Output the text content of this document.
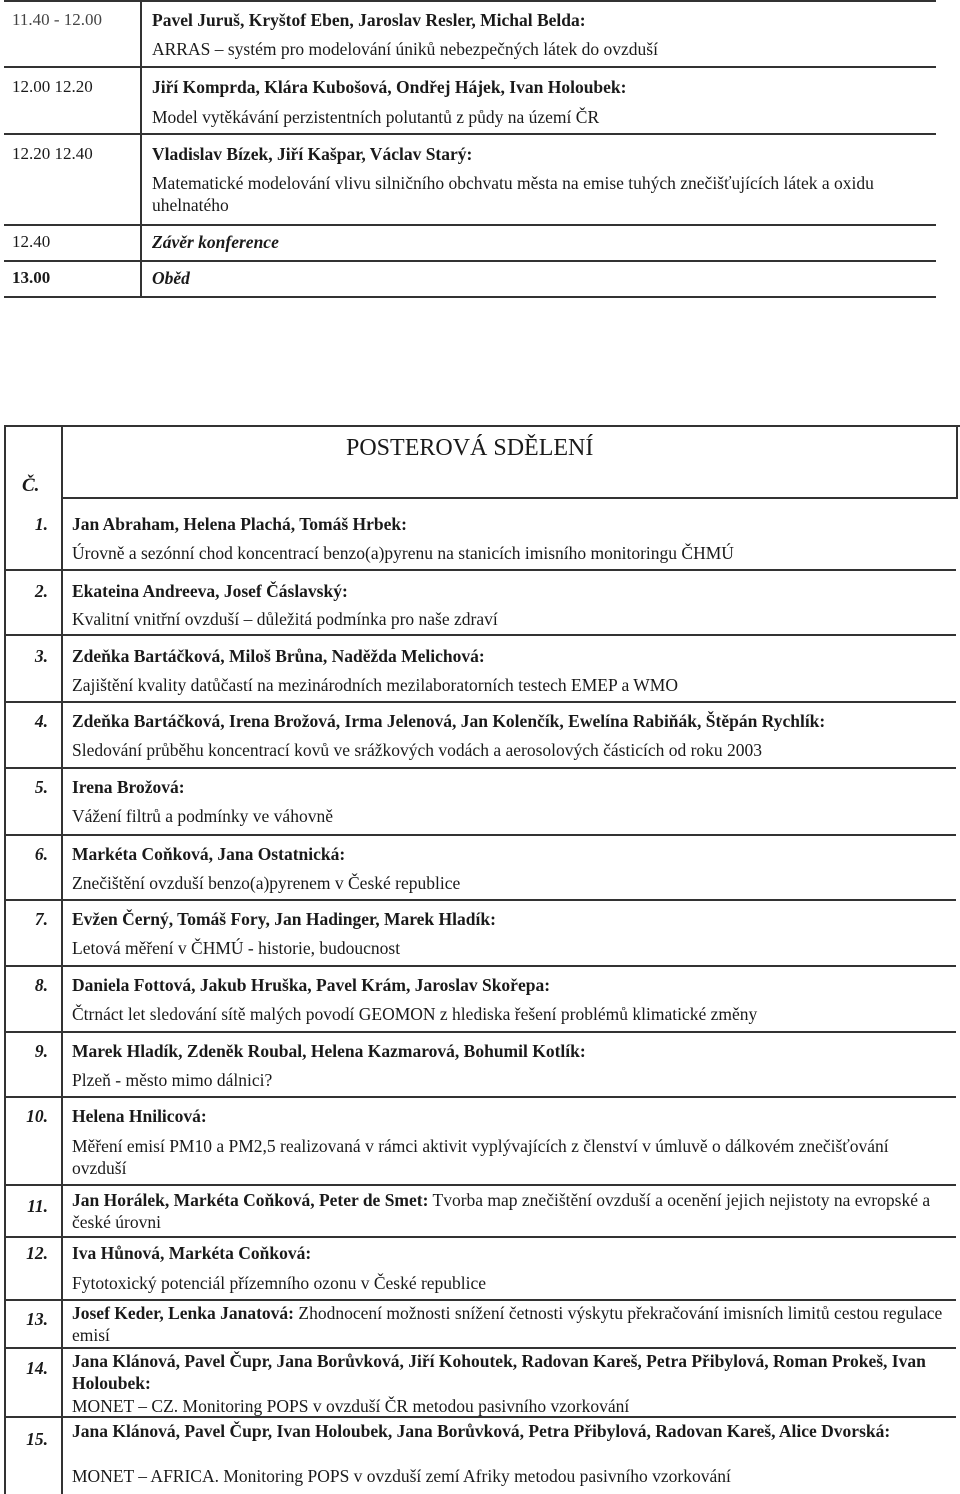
11.40 - 12.00	Pavel Juruš, Kryštof Eben, Jaroslav Resler, Michal Belda:
ARRAS – systém pro modelování úniků nebezpečných látek do ovzduší
12.00 12.20	Jiří Komprda, Klára Kubošová, Ondřej Hájek, Ivan Holoubek:
Model vytěkávání perzistentních polutantů z půdy na území ČR
12.20 12.40	Vladislav Bízek, Jiří Kašpar, Václav Starý:
Matematické modelování vlivu silničního obchvatu města na emise tuhých znečišťujících látek a oxidu uhelnatého
12.40	Závěr konference
13.00	Oběd
POSTEROVÁ SDĚLENÍ
Č.
1. Jan Abraham, Helena Plachá, Tomáš Hrbek:
Úrovně a sezónní chod koncentrací benzo(a)pyrenu na stanicích imisního monitoringu ČHMÚ
2. Ekateina Andreeva, Josef Čáslavský:
Kvalitní vnitřní ovzduší – důležitá podmínka pro naše zdraví
3. Zdeňka Bartáčková, Miloš Brůna, Naděžda Melichová:
Zajištění kvality datůčastí na mezinárodních mezilaboratorních testech EMEP a WMO
4. Zdeňka Bartáčková, Irena Brožová, Irma Jelenová, Jan Kolenčík, Ewelína Rabiňák, Štěpán Rychlík:
Sledování průběhu koncentrací kovů ve srážkových vodách a aerosolových částicích od roku 2003
5. Irena Brožová:
Vážení filtrů a podmínky ve váhovně
6. Markéta Coňková, Jana Ostatnická:
Znečištění ovzduší benzo(a)pyrenem v České republice
7. Evžen Černý, Tomáš Fory, Jan Hadinger, Marek Hladík:
Letová měření v ČHMÚ - historie, budoucnost
8. Daniela Fottová, Jakub Hruška, Pavel Krám, Jaroslav Skořepa:
Čtrnáct let sledování sítě malých povodí GEOMON z hlediska řešení problémů klimatické změny
9. Marek Hladík, Zdeněk Roubal, Helena Kazmarová, Bohumil Kotlík:
Plzeň - město mimo dálnici?
10. Helena Hnilicová:
Měření emisí PM10 a PM2,5 realizovaná v rámci aktivit vyplývajících z členství v úmluvě o dálkovém znečišťování ovzduší
11. Jan Horálek, Markéta Coňková, Peter de Smet: Tvorba map znečištění ovzduší a ocenění jejich nejistoty na evropské a české úrovni
12. Iva Hůnová, Markéta Coňková:
Fytotoxický potenciál přízemního ozonu v České republice
13. Josef Keder, Lenka Janatová: Zhodnocení možnosti snížení četnosti výskytu překračování imisních limitů cestou regulace emisí
14. Jana Klánová, Pavel Čupr, Jana Borůvková, Jiří Kohoutek, Radovan Kareš, Petra Přibylová, Roman Prokeš, Ivan Holoubek:
MONET – CZ. Monitoring POPS v ovzduší ČR metodou pasivního vzorkování
15. Jana Klánová, Pavel Čupr, Ivan Holoubek, Jana Borůvková, Petra Přibylová, Radovan Kareš, Alice Dvorská:
MONET – AFRICA. Monitoring POPS v ovzduší zemí Afriky metodou pasivního vzorkování
